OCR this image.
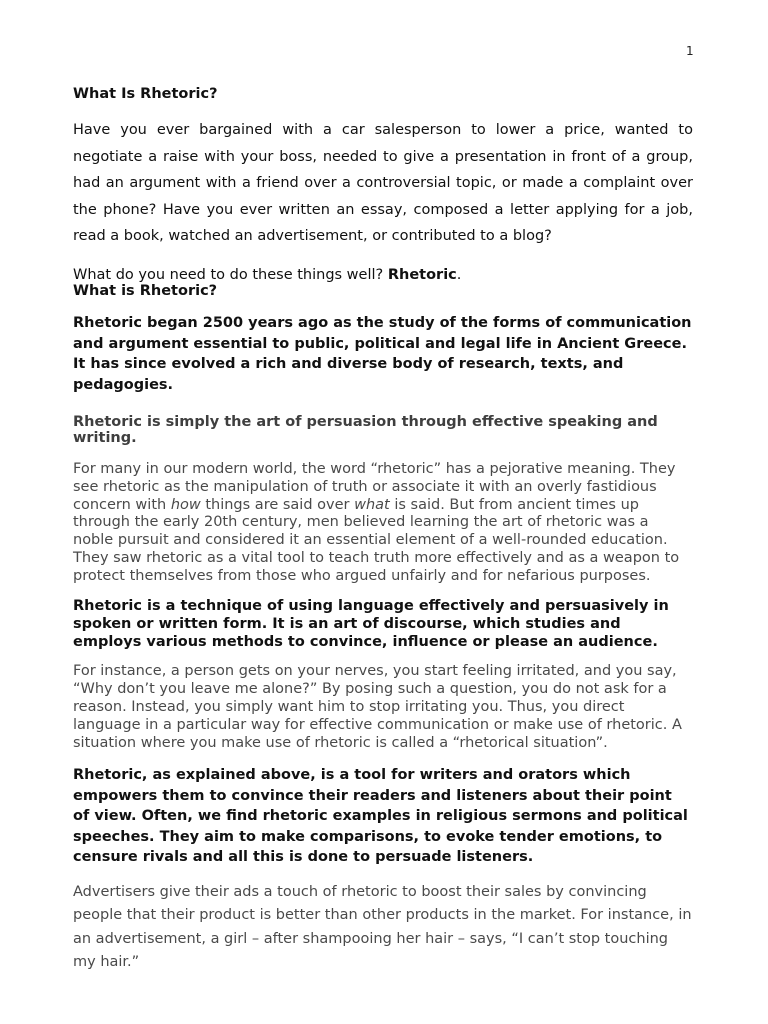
1
What Is Rhetoric?

Have you ever bargained with a car salesperson to lower a price, wanted to negotiate a raise with your boss, needed to give a presentation in front of a group, had an argument with a friend over a controversial topic, or made a complaint over the phone? Have you ever written an essay, composed a letter applying for a job, read a book, watched an advertisement, or contributed to a blog?

What do you need to do these things well? Rhetoric.

What is Rhetoric?

Rhetoric began 2500 years ago as the study of the forms of communication and argument essential to public, political and legal life in Ancient Greece. It has since evolved a rich and diverse body of research, texts, and pedagogies.

Rhetoric is simply the art of persuasion through effective speaking and writing.

For many in our modern world, the word “rhetoric” has a pejorative meaning. They see rhetoric as the manipulation of truth or associate it with an overly fastidious concern with how things are said over what is said. But from ancient times up through the early 20th century, men believed learning the art of rhetoric was a noble pursuit and considered it an essential element of a well-rounded education. They saw rhetoric as a vital tool to teach truth more effectively and as a weapon to protect themselves from those who argued unfairly and for nefarious purposes.

Rhetoric is a technique of using language effectively and persuasively in spoken or written form. It is an art of discourse, which studies and employs various methods to convince, influence or please an audience.

For instance, a person gets on your nerves, you start feeling irritated, and you say, “Why don’t you leave me alone?” By posing such a question, you do not ask for a reason. Instead, you simply want him to stop irritating you. Thus, you direct language in a particular way for effective communication or make use of rhetoric. A situation where you make use of rhetoric is called a “rhetorical situation”.

Rhetoric, as explained above, is a tool for writers and orators which empowers them to convince their readers and listeners about their point of view. Often, we find rhetoric examples in religious sermons and political speeches. They aim to make comparisons, to evoke tender emotions, to censure rivals and all this is done to persuade listeners.

Advertisers give their ads a touch of rhetoric to boost their sales by convincing people that their product is better than other products in the market. For instance, in an advertisement, a girl – after shampooing her hair – says, “I can’t stop touching my hair.”
